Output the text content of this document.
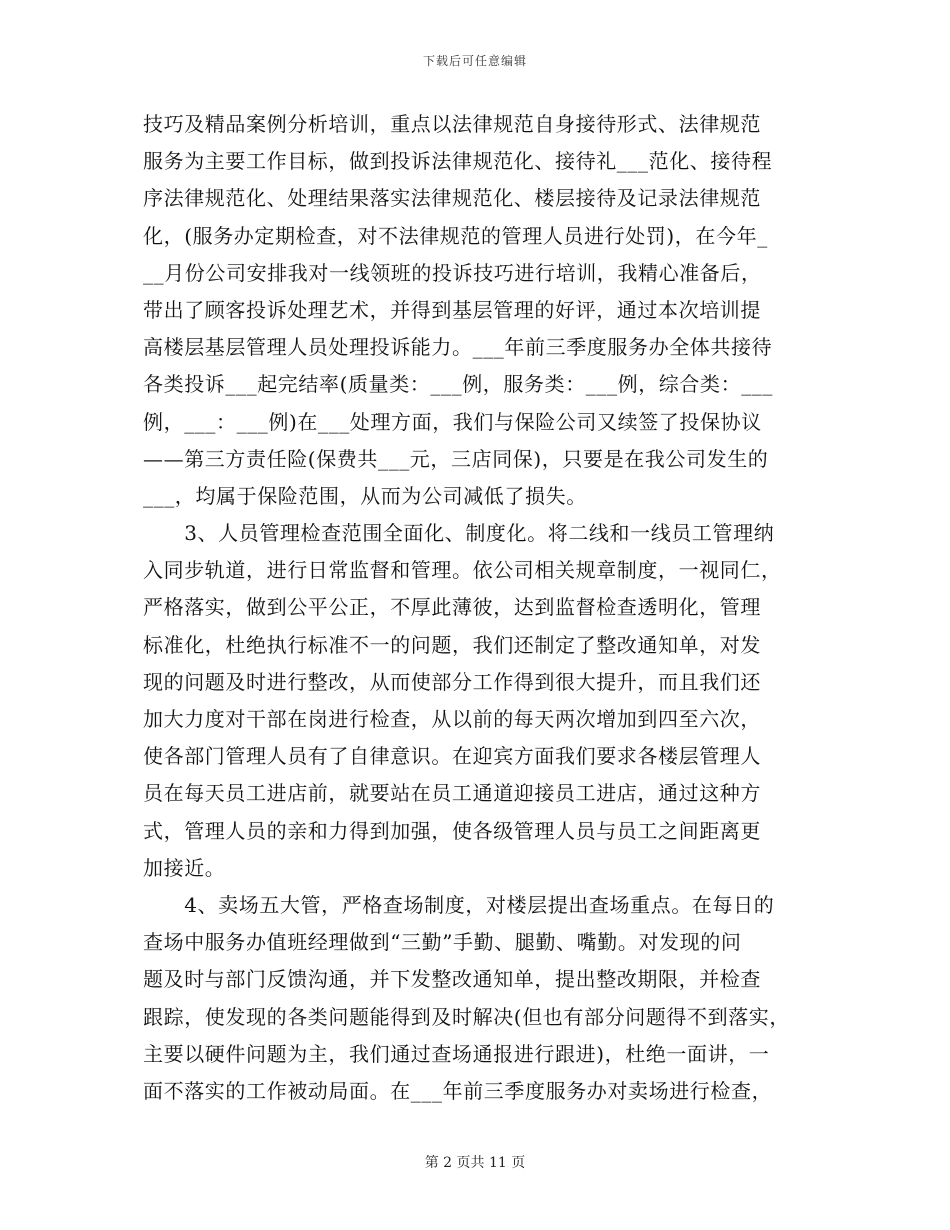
下载后可任意编辑
技巧及精品案例分析培训，重点以法律规范自身接待形式、法律规范
服务为主要工作目标，做到投诉法律规范化、接待礼___范化、接待程
序法律规范化、处理结果落实法律规范化、楼层接待及记录法律规范
化，(服务办定期检查，对不法律规范的管理人员进行处罚)，在今年_
__月份公司安排我对一线领班的投诉技巧进行培训，我精心准备后，
带出了顾客投诉处理艺术，并得到基层管理的好评，通过本次培训提
高楼层基层管理人员处理投诉能力。___年前三季度服务办全体共接待
各类投诉___起完结率(质量类：___例，服务类：___例，综合类：___
例，___：___例)在___处理方面，我们与保险公司又续签了投保协议
——第三方责任险(保费共___元，三店同保)，只要是在我公司发生的
___，均属于保险范围，从而为公司减低了损失。
　　3、人员管理检查范围全面化、制度化。将二线和一线员工管理纳
入同步轨道，进行日常监督和管理。依公司相关规章制度，一视同仁，
严格落实，做到公平公正，不厚此薄彼，达到监督检查透明化，管理
标准化，杜绝执行标准不一的问题，我们还制定了整改通知单，对发
现的问题及时进行整改，从而使部分工作得到很大提升，而且我们还
加大力度对干部在岗进行检查，从以前的每天两次增加到四至六次，
使各部门管理人员有了自律意识。在迎宾方面我们要求各楼层管理人
员在每天员工进店前，就要站在员工通道迎接员工进店，通过这种方
式，管理人员的亲和力得到加强，使各级管理人员与员工之间距离更
加接近。
　　4、卖场五大管，严格查场制度，对楼层提出查场重点。在每日的
查场中服务办值班经理做到“三勤”手勤、腿勤、嘴勤。对发现的问
题及时与部门反馈沟通，并下发整改通知单，提出整改期限，并检查
跟踪，使发现的各类问题能得到及时解决(但也有部分问题得不到落实，
主要以硬件问题为主，我们通过查场通报进行跟进)，杜绝一面讲，一
面不落实的工作被动局面。在___年前三季度服务办对卖场进行检查，
第 2 页共 11 页
